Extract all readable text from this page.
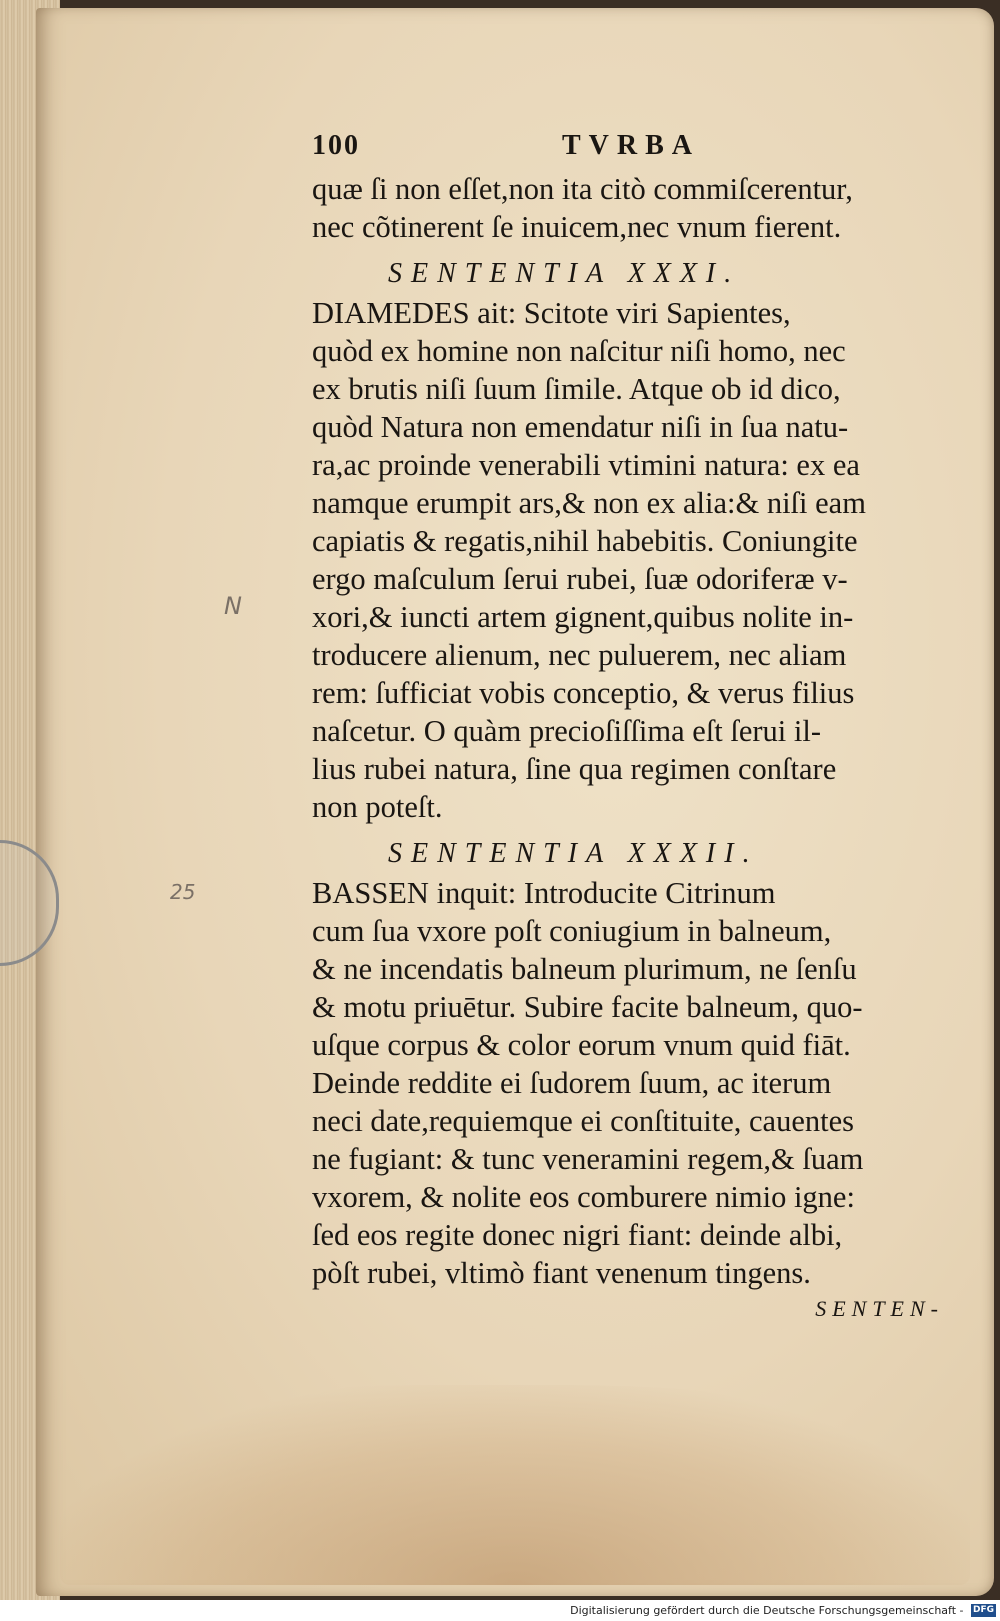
N
25
100	TVRBA
quæ ſi non eſſet,non ita citò commiſcerentur,
nec cõtinerent ſe inuicem,nec vnum fierent.
SENTENTIA XXXI.
DIAMEDES ait: Scitote viri Sapientes,
quòd ex homine non naſcitur niſi homo, nec
ex brutis niſi ſuum ſimile. Atque ob id dico,
quòd Natura non emendatur niſi in ſua natu-
ra,ac proinde venerabili vtimini natura: ex ea
namque erumpit ars,& non ex alia:& niſi eam
capiatis & regatis,nihil habebitis. Coniungite
ergo maſculum ſerui rubei, ſuæ odoriferæ v-
xori,& iuncti artem gignent,quibus nolite in-
troducere alienum, nec puluerem, nec aliam
rem: ſufficiat vobis conceptio, & verus filius
naſcetur. O quàm precioſiſſima eſt ſerui il-
lius rubei natura, ſine qua regimen conſtare
non poteſt.
SENTENTIA XXXII.
BASSEN inquit: Introducite Citrinum
cum ſua vxore poſt coniugium in balneum,
& ne incendatis balneum plurimum, ne ſenſu
& motu priuētur. Subire facite balneum, quo-
uſque corpus & color eorum vnum quid fiāt.
Deinde reddite ei ſudorem ſuum, ac iterum
neci date,requiemque ei conſtituite, cauentes
ne fugiant: & tunc veneramini regem,& ſuam
vxorem, & nolite eos comburere nimio igne:
ſed eos regite donec nigri fiant: deinde albi,
pòſt rubei, vltimò fiant venenum tingens.
SENTEN-
Digitalisierung gefördert durch die Deutsche Forschungsgemeinschaft - DFG
